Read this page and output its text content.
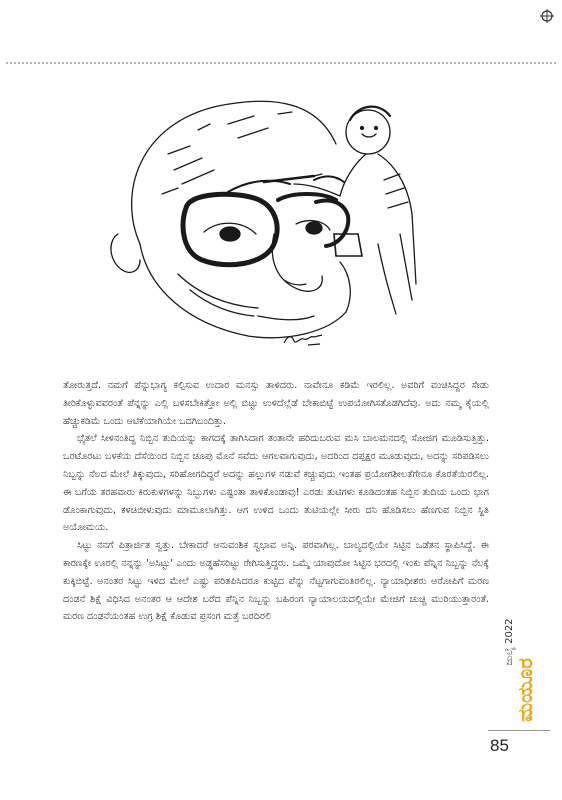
ತೋರುತ್ತದೆ. ನಮಗೆ ಪೆನ್ನುಭಾಗ್ಯ ಕಲ್ಪಿಸುವ ಉದಾರ ಮನಸ್ಸು ತಾಳಿದರು. ನಾವೇನೂ ಕಡಿಮೆ ಇರಲಿಲ್ಲ. ಅವರಿಗೆ ವಂಚಿಸಿದ್ದರ ಸೇಡು ತೀರಿಕೊಳ್ಳುವವರಂತೆ ಪೆನ್ನನ್ನು ಎಲ್ಲಿ ಬಳಸಬೇಕಿತ್ತೋ ಅಲ್ಲಿ ಬಿಟ್ಟು ಉಳಿದೆಲ್ಲೆಡೆ ಬೇಕಾಬಿಟ್ಟೆ ಉಪಯೋಗಿಸತೊಡಗಿದೆವು. ಅದು ನಮ್ಮ ಕೈಯಲ್ಲಿ ಹೆಚ್ಚುಕಡಿಮೆ ಒಂದು ಆಟಿಕೆಯಾಗಿಯೇ ಒದಗಿಬಂದಿತ್ತು.

ಭೈತಲೆ ಸೀಳಿನಂತಿದ್ದ ನಿಬ್ಬಿನ ತುದಿಯನ್ನು ಕಾಗದಕ್ಕೆ ತಾಗಿಸಿದಾಗ ತಂತಾನೇ ಹರಿದುಬರುವ ಮಸಿ ಬಾಲಮನದಲ್ಲಿ ಸೋಜಿಗ ಮೂಡಿಸುತ್ತಿತ್ತು. ಒರಟೊರಟು ಬಳಕೆಯ ದೆಸೆಯಿಂದ ನಿಬ್ಬಿನ ಚೂಪು ಮೊನೆ ಸವೆದು ಆಗಲವಾಗುವುದು, ಅದರಿಂದ ದಪ್ಪಕ್ಷರ ಮೂಡುವುದು, ಅದನ್ನು ಸರಿಪಡಿಸಲು ನಿಬ್ಬನ್ನು ನೆಲದ ಮೇಲೆ ತಿಕ್ಕುವುದು, ಸರಿಹೋಗದಿದ್ದರೆ ಅದನ್ನು ಹಲ್ಲುಗಳ ನಡುವೆ ಕಚ್ಚುವುದು ಇಂತಹ ಪ್ರಯೋಗಶೀಲತೆಗೇನೂ ಕೊರತೆಯಿರಲಿಲ್ಲ. ಈ ಬಗೆಯ ತರಹವಾರು ಕಿರುಕುಳಗಳನ್ನು ನಿಬ್ಬುಗಳು ಎಷ್ಟಂತಾ ತಾಳಿಕೊಂಡಾವು! ಎರಡು ತುಟಿಗಳು ಕೂಡಿದಂತಹ ನಿಬ್ಬಿನ ತುದಿಯ ಒಂದು ಭಾಗ ಡೊಂಕಾಗುವುದು, ಕಳಚಿಬೀಳುವುದು ಮಾಮೂಲಾಗಿತ್ತು. ಆಗ ಉಳಿದ ಒಂದು ತುಟಿಯಲ್ಲೇ ಸೀರು ದನಿ ಹೊಡಿಸಲು ಹೆಣಗುವ ನಿಬ್ಬಿನ ಸ್ಥಿತಿ ಅಯೋಮಯ.

ಸಿಟ್ಟು ನನಗೆ ಪಿತ್ರಾರ್ಜಿತ ಸ್ವತ್ತು. ಬೇಕಾದರೆ ಆನುವಂಶಿಕ ಸ್ವಭಾವ ಅನ್ನಿ. ಪರವಾಗಿಲ್ಲ. ಬಾಲ್ಯದಲ್ಲಿಯೇ ಸಿಟ್ಟಿನ ಒಡೆತನ ಸ್ಥಾಪಿಸಿದ್ದೆ. ಈ ಕಾರಣಕ್ಕೇ ಊರಲ್ಲಿ ನನ್ನನ್ನು 'ಅಸಿಟ್ಟು' ಎಂದು ಅಡ್ಡಹೆಸರಿಟ್ಟು ರೇಗಿಸುತ್ತಿದ್ದರು. ಒಮ್ಮೆ ಯಾವುದೋ ಸಿಟ್ಟಿನ ಭರದಲ್ಲಿ ಇಂಕು ಪೆನ್ನಿನ ನಿಬ್ಬನ್ನು ನೆಲಕ್ಕೆ ಕುಕ್ಕಿಬಿಟ್ಟೆ. ಅನಂತರ ಸಿಟ್ಟು ಇಳಿದ ಮೇಲೆ ಎಷ್ಟು ಪರಿತಪಿಸಿದರೂ ಕುಟ್ಟಿದ ಪೆನ್ನು ನೆಟ್ಟಗಾಗುವಂತಿರಲಿಲ್ಲ. ನ್ಯಾಯಾಧೀಶರು ಆರೋಪಿಗೆ ಮರಣ ದಂಡನೆ ಶಿಕ್ಷೆ ವಿಧಿಸಿದ ಅನಂತರ ಆ ಆದೇಶ ಬರೆದ ಪೆನ್ನಿನ ನಿಬ್ಬನ್ನು ಬಹಿರಂಗ ನ್ಯಾಯಾಲಯದಲ್ಲಿಯೇ ಮೇಜಿಗೆ ಚುಚ್ಚಿ ಮುರಿಯುತ್ತಾರಂತೆ. ಮರಣ ದಂಡನೆಯಂತಹ ಉಗ್ರ ಶಿಕ್ಷೆ ಕೊಡುವ ಪ್ರಸಂಗ ಮತ್ತೆ ಬರದಿರಲಿ

ಜುಲೈ 2022
ಮಯೂರ
85
